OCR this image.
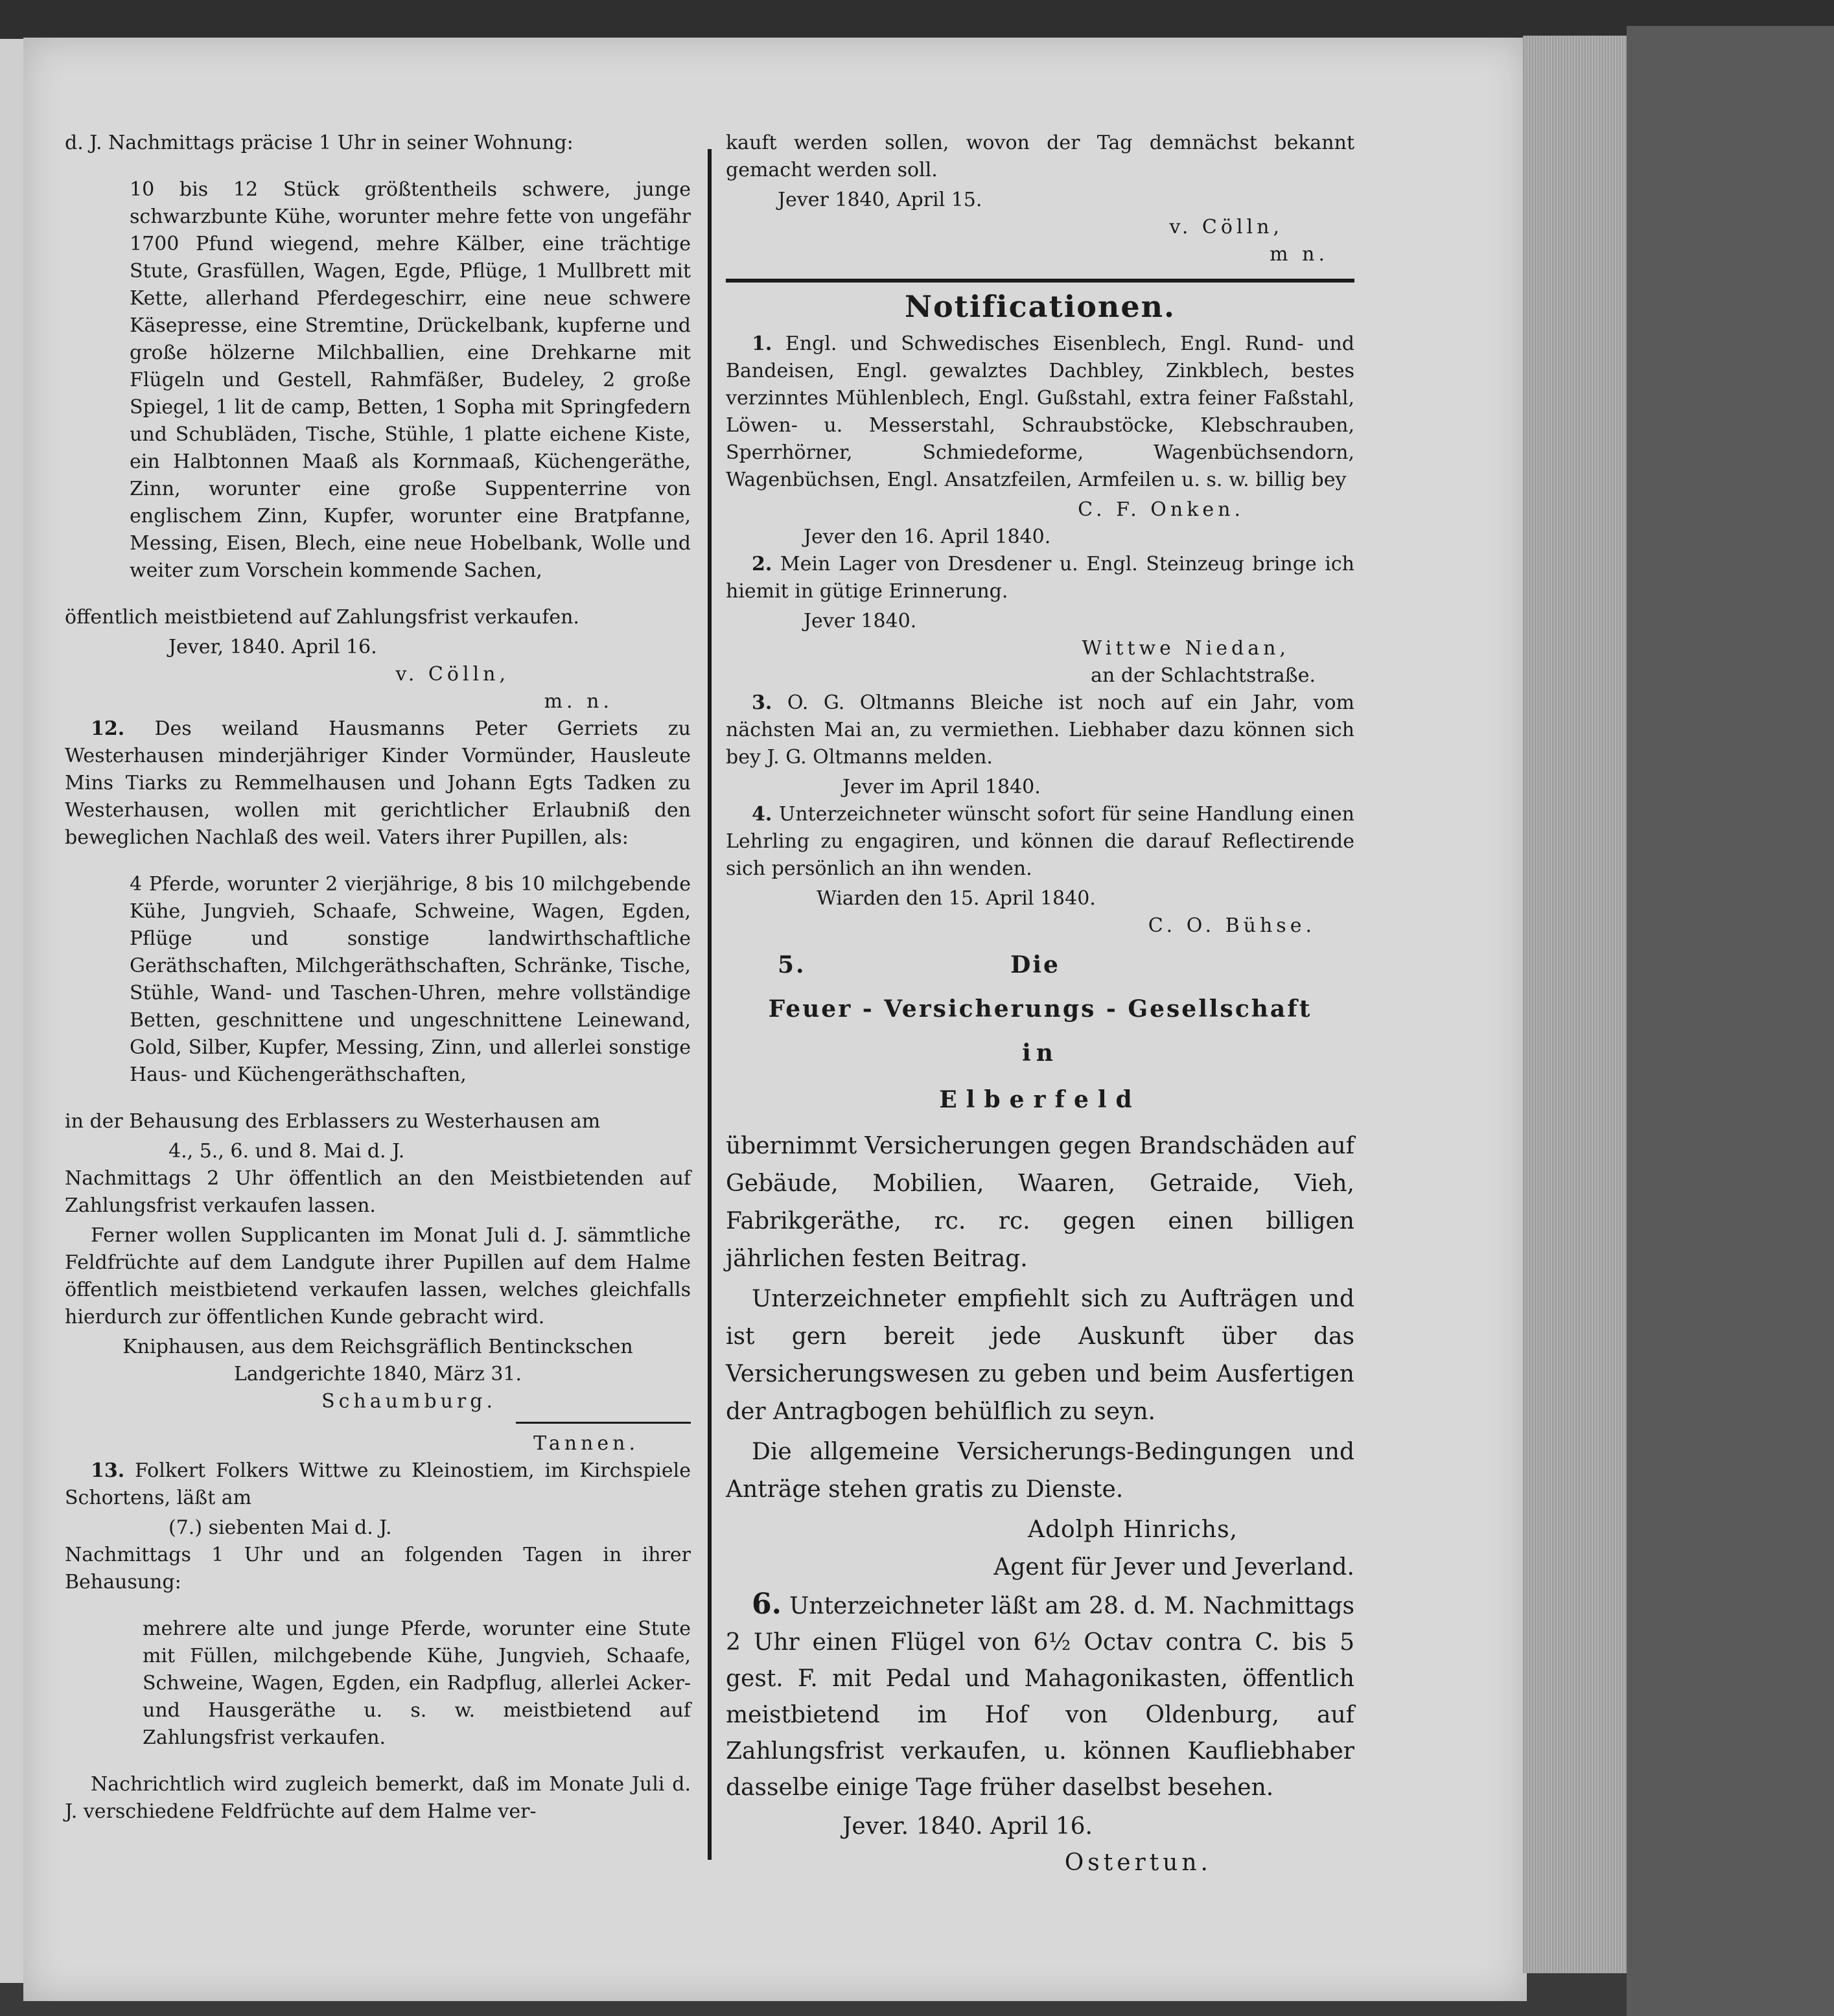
d. J. Nachmittags präcise 1 Uhr in seiner Wohnung:

10 bis 12 Stück größtentheils schwere, junge schwarzbunte Kühe, worunter mehre fette von ungefähr 1700 Pfund wiegend, mehre Kälber, eine trächtige Stute, Grasfüllen, Wagen, Egde, Pflüge, 1 Mullbrett mit Kette, allerhand Pferdegeschirr, eine neue schwere Käsepresse, eine Stremtine, Drückelbank, kupferne und große hölzerne Milchballien, eine Drehkarne mit Flügeln und Gestell, Rahmfäßer, Budeley, 2 große Spiegel, 1 lit de camp, Betten, 1 Sopha mit Springfedern und Schubläden, Tische, Stühle, 1 platte eichene Kiste, ein Halbtonnen Maaß als Kornmaaß, Küchengeräthe, Zinn, worunter eine große Suppenterrine von englischem Zinn, Kupfer, worunter eine Bratpfanne, Messing, Eisen, Blech, eine neue Hobelbank, Wolle und weiter zum Vorschein kommende Sachen,

öffentlich meistbietend auf Zahlungsfrist verkaufen.

Jever, 1840. April 16.

v. Cölln,

m. n.

12. Des weiland Hausmanns Peter Gerriets zu Westerhausen minderjähriger Kinder Vormünder, Hausleute Mins Tiarks zu Remmelhausen und Johann Egts Tadken zu Westerhausen, wollen mit gerichtlicher Erlaubniß den beweglichen Nachlaß des weil. Vaters ihrer Pupillen, als:

4 Pferde, worunter 2 vierjährige, 8 bis 10 milchgebende Kühe, Jungvieh, Schaafe, Schweine, Wagen, Egden, Pflüge und sonstige landwirthschaftliche Geräthschaften, Milchgeräthschaften, Schränke, Tische, Stühle, Wand- und Taschen-Uhren, mehre vollständige Betten, geschnittene und ungeschnittene Leinewand, Gold, Silber, Kupfer, Messing, Zinn, und allerlei sonstige Haus- und Küchengeräthschaften,

in der Behausung des Erblassers zu Westerhausen am

4., 5., 6. und 8. Mai d. J.

Nachmittags 2 Uhr öffentlich an den Meistbietenden auf Zahlungsfrist verkaufen lassen.

Ferner wollen Supplicanten im Monat Juli d. J. sämmtliche Feldfrüchte auf dem Landgute ihrer Pupillen auf dem Halme öffentlich meistbietend verkaufen lassen, welches gleichfalls hierdurch zur öffentlichen Kunde gebracht wird.

Kniphausen, aus dem Reichsgräflich Bentinckschen Landgerichte 1840, März 31.

Schaumburg.

Tannen.

13. Folkert Folkers Wittwe zu Kleinostiem, im Kirchspiele Schortens, läßt am

(7.) siebenten Mai d. J.

Nachmittags 1 Uhr und an folgenden Tagen in ihrer Behausung:

mehrere alte und junge Pferde, worunter eine Stute mit Füllen, milchgebende Kühe, Jungvieh, Schaafe, Schweine, Wagen, Egden, ein Radpflug, allerlei Acker- und Hausgeräthe u. s. w. meistbietend auf Zahlungsfrist verkaufen.

Nachrichtlich wird zugleich bemerkt, daß im Monate Juli d. J. verschiedene Feldfrüchte auf dem Halme ver-

kauft werden sollen, wovon der Tag demnächst bekannt gemacht werden soll.

Jever 1840, April 15.

v. Cölln,

m n.

Notificationen.

1. Engl. und Schwedisches Eisenblech, Engl. Rund- und Bandeisen, Engl. gewalztes Dachbley, Zinkblech, bestes verzinntes Mühlenblech, Engl. Gußstahl, extra feiner Faßstahl, Löwen- u. Messerstahl, Schraubstöcke, Klebschrauben, Sperrhörner, Schmiedeforme, Wagenbüchsendorn, Wagenbüchsen, Engl. Ansatzfeilen, Armfeilen u. s. w. billig bey

C. F. Onken.

Jever den 16. April 1840.

2. Mein Lager von Dresdener u. Engl. Steinzeug bringe ich hiemit in gütige Erinnerung.

Jever 1840.

Wittwe Niedan,

an der Schlachtstraße.

3. O. G. Oltmanns Bleiche ist noch auf ein Jahr, vom nächsten Mai an, zu vermiethen. Liebhaber dazu können sich bey J. G. Oltmanns melden.

Jever im April 1840.

4. Unterzeichneter wünscht sofort für seine Handlung einen Lehrling zu engagiren, und können die darauf Reflectirende sich persönlich an ihn wenden.

Wiarden den 15. April 1840.

C. O. Bühse.

5.	Die

Feuer - Versicherungs - Gesellschaft

in

Elberfeld

übernimmt Versicherungen gegen Brandschäden auf Gebäude, Mobilien, Waaren, Getraide, Vieh, Fabrikgeräthe, rc. rc. gegen einen billigen jährlichen festen Beitrag.

Unterzeichneter empfiehlt sich zu Aufträgen und ist gern bereit jede Auskunft über das Versicherungswesen zu geben und beim Ausfertigen der Antragbogen behülflich zu seyn.

Die allgemeine Versicherungs-Bedingungen und Anträge stehen gratis zu Dienste.

Adolph Hinrichs,

Agent für Jever und Jeverland.

6. Unterzeichneter läßt am 28. d. M. Nachmittags 2 Uhr einen Flügel von 6½ Octav contra C. bis 5 gest. F. mit Pedal und Mahagonikasten, öffentlich meistbietend im Hof von Oldenburg, auf Zahlungsfrist verkaufen, u. können Kaufliebhaber dasselbe einige Tage früher daselbst besehen.

Jever. 1840. April 16.

Ostertun.
